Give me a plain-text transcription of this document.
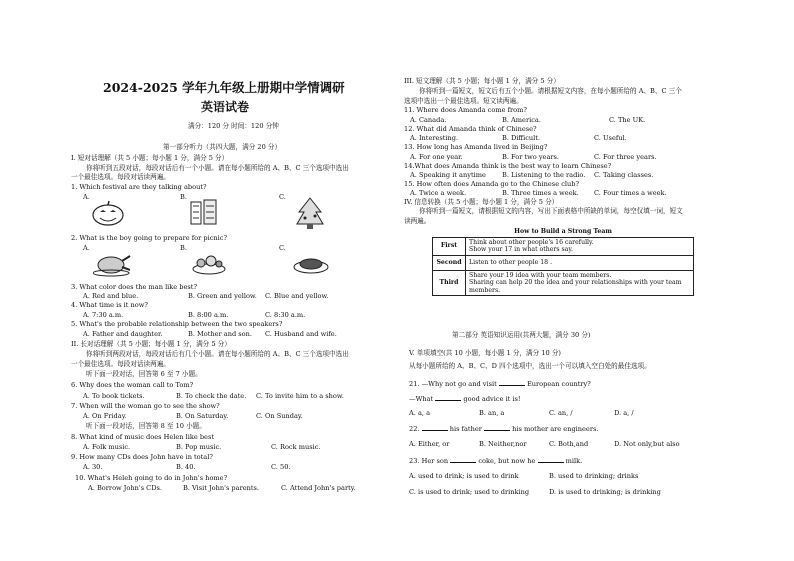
2024-2025 学年九年级上册期中学情调研
英语试卷
满分：120 分 时间：120 分钟
第一部分听力（共四大题，满分 20 分）
I. 短对话理解（共 5 小题；每小题 1 分，满分 5 分）
你将听到五段对话，每段对话后有一个小题。请在每小题所给的 A、B、C 三个选项中选出
一个最佳选项。每段对话读两遍。
1. Which festival are they talking about?
A.	B.	C.
2. What is the boy going to prepare for picnic?
A.	B.	C.
3. What color does the man like best?
A. Red and blue.	B. Green and yellow. C. Blue and yellow.
4. What time is it now?
A. 7:30 a.m.	B. 8:00 a.m.	C. 8:30 a.m.
5. What's the probable relationship between the two speakers?
A. Father and daughter.	B. Mother and son. C. Husband and wife.
II. 长对话理解（共 5 小题；每小题 1 分，满分 5 分）
你将听到两段对话，每段对话后有几个小题。请在每小题所给的 A、B、C 三个选项中选出
一个最佳选项。每段对话读两遍。
听下面一段对话，回答第 6 至 7 小题。
6. Why does the woman call to Tom?
A. To book tickets.	B. To check the date. C. To invite him to a show.
7. When will the woman go to see the show?
A. On Friday.	B. On Saturday.	C. On Sunday.
听下面一段对话，回答第 8 至 10 小题。
8. What kind of music does Helen like best
A. Folk music.	B. Pop music.	C. Rock music.
9. How many CDs does John have in total?
A. 30.	B. 40.	C. 50.
10. What's Heleh going to do in John's home?
A. Borrow John's CDs.	B. Visit John's parents.	C. Attend John's party.
III. 短文理解（共 5 小题；每小题 1 分，满分 5 分）
你将听到一篇短文，短文后有五个小题。请根据短文内容，在每小题所给的 A、B、C 三个
选项中选出一个最佳选项。短文读两遍。
11. Where does Amanda come from?
A. Canada.	B. America.	C. The UK.
12. What did Amanda think of Chinese?
A. Interesting.	B. Difficult.	C. Useful.
13. How long has Amanda lived in Beijing?
A. For one year.	B. For two years.	C. For three years.
14.What does Amanda think is the best way to learn Chinese?
A. Speaking it anytime B. Listening to the radio. C. Taking classes.
15. How often does Amanda go to the Chinese club?
A. Twice a week.	B. Three times a week. C. Four times a week.
IV. 信息转换（共 5 小题；每小题 1 分，满分 5 分）
你将听到一篇短文，请根据短文的内容，写出下面表格中所缺的单词，每空仅填一词，短文
读两遍。
How to Build a Strong Team	
First	Think about other people's 16 carefully.
Show your 17 in what others say.

Second	Listen to other people 18 .

Third	Share your 19 idea with your team members.
Sharing can help 20 the idea and your relationships with your team members.
第二部分 英语知识运用(共两大题，满分 30 分)
V. 单项填空(共 10 小题，每小题 1 分，满分 10 分)
从每小题所给的 A、B、C、D 四个选项中，选出一个可以填入空白处的最佳选项。
21. —Why not go and visit	European country?
—What	good advice it is!
A. a, a	B. an, a	C. an, /	D. a, /
22.	his father	his mother are engineers.
A. Either, or	B. Neither,nor	C. Both,and	D. Not only,but also
23. Her son	coke, but now he	milk.
A. used to drink; is used to drink	B. used to drinking; drinks
C. is used to drink; used to drinking	D. is used to drinking; is drinking
